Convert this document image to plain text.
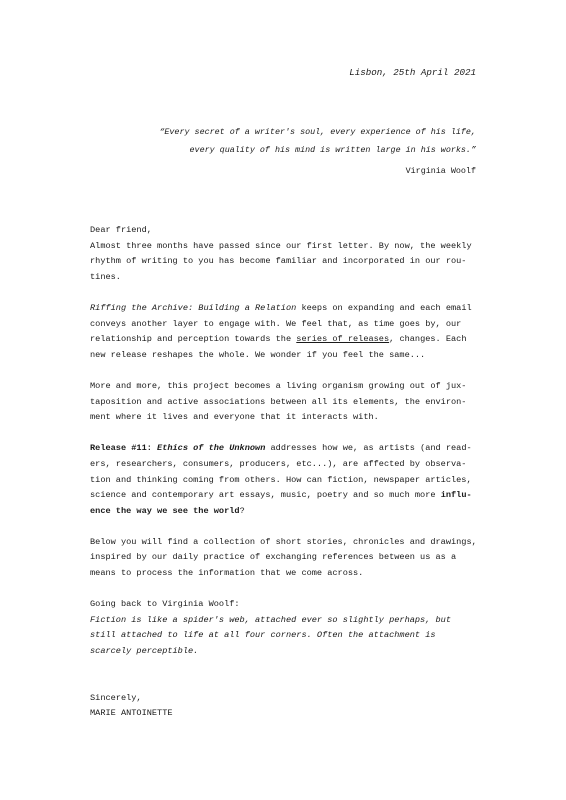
Lisbon, 25th April 2021
“Every secret of a writer's soul, every experience of his life,
every quality of his mind is written large in his works.”
Virginia Woolf

Dear friend,

Almost three months have passed since our first letter. By now, the weekly
rhythm of writing to you has become familiar and incorporated in our rou-
tines.
Riffing the Archive: Building a Relation keeps on expanding and each email
conveys another layer to engage with. We feel that, as time goes by, our
relationship and perception towards the series of releases, changes. Each
new release reshapes the whole. We wonder if you feel the same...
More and more, this project becomes a living organism growing out of jux-
taposition and active associations between all its elements, the environ-
ment where it lives and everyone that it interacts with.
Release #11: Ethics of the Unknown addresses how we, as artists (and read-
ers, researchers, consumers, producers, etc...), are affected by observa-
tion and thinking coming from others. How can fiction, newspaper articles,
science and contemporary art essays, music, poetry and so much more influ-
ence the way we see the world?
Below you will find a collection of short stories, chronicles and drawings,
inspired by our daily practice of exchanging references between us as a
means to process the information that we come across.
Going back to Virginia Woolf:
Fiction is like a spider's web, attached ever so slightly perhaps, but
still attached to life at all four corners. Often the attachment is
scarcely perceptible.
Sincerely,
MARIE ANTOINETTE
